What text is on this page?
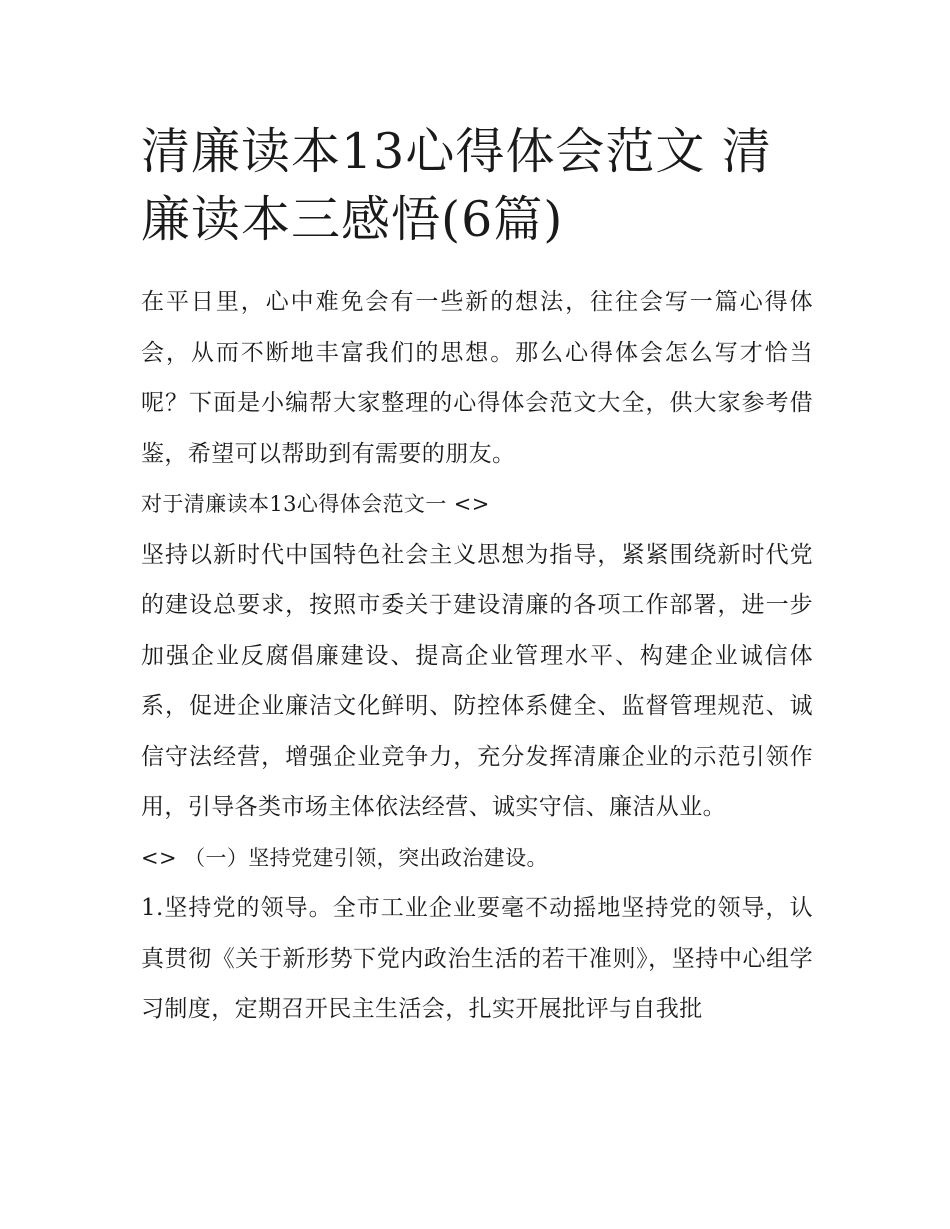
清廉读本13心得体会范文 清廉读本三感悟(6篇)

在平日里，心中难免会有一些新的想法，往往会写一篇心得体会，从而不断地丰富我们的思想。那么心得体会怎么写才恰当呢？下面是小编帮大家整理的心得体会范文大全，供大家参考借鉴，希望可以帮助到有需要的朋友。

对于清廉读本13心得体会范文一 <>

坚持以新时代中国特色社会主义思想为指导，紧紧围绕新时代党的建设总要求，按照市委关于建设清廉的各项工作部署，进一步加强企业反腐倡廉建设、提高企业管理水平、构建企业诚信体系，促进企业廉洁文化鲜明、防控体系健全、监督管理规范、诚信守法经营，增强企业竞争力，充分发挥清廉企业的示范引领作用，引导各类市场主体依法经营、诚实守信、廉洁从业。

<> （一）坚持党建引领，突出政治建设。

1.坚持党的领导。全市工业企业要毫不动摇地坚持党的领导，认真贯彻《关于新形势下党内政治生活的若干准则》，坚持中心组学习制度，定期召开民主生活会，扎实开展批评与自我批
